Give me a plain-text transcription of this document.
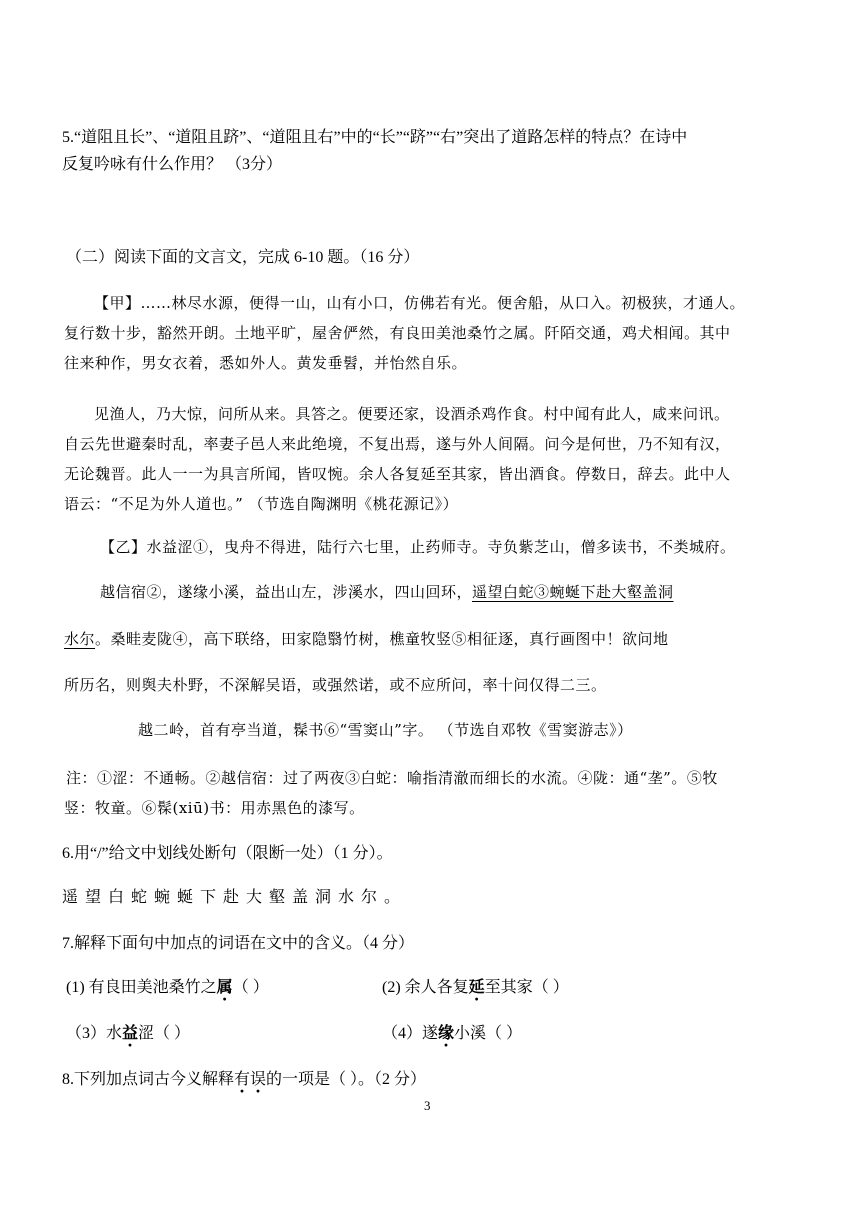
5.“道阻且长”、“道阻且跻”、“道阻且右”中的“长”“跻”“右”突出了道路怎样的特点？在诗中
反复吟咏有什么作用？ （3分）
（二）阅读下面的文言文，完成 6-10 题。（16 分）
【甲】……林尽水源，便得一山，山有小口，仿佛若有光。便舍船，从口入。初极狭，才通人。
复行数十步，豁然开朗。土地平旷，屋舍俨然，有良田美池桑竹之属。阡陌交通，鸡犬相闻。其中
往来种作，男女衣着，悉如外人。黄发垂髫，并怡然自乐。
见渔人，乃大惊，问所从来。具答之。便要还家，设酒杀鸡作食。村中闻有此人，咸来问讯。
自云先世避秦时乱，率妻子邑人来此绝境，不复出焉，遂与外人间隔。问今是何世，乃不知有汉，
无论魏晋。此人一一为具言所闻，皆叹惋。余人各复延至其家，皆出酒食。停数日，辞去。此中人
语云：“不足为外人道也。” （节选自陶渊明《桃花源记》）
【乙】水益涩①，曳舟不得进，陆行六七里，止药师寺。寺负紫芝山，僧多读书，不类城府。
越信宿②，遂缘小溪，益出山左，涉溪水，四山回环，遥望白蛇③蜿蜒下赴大壑盖洞
水尔。桑畦麦陇④，高下联络，田家隐翳竹树，樵童牧竖⑤相征逐，真行画图中！欲问地
所历名，则舆夫朴野，不深解吴语，或强然诺，或不应所问，率十问仅得二三。
越二岭，首有亭当道，髹书⑥“雪窦山”字。 （节选自邓牧《雪窦游志》）
注：①涩：不通畅。②越信宿：过了两夜③白蛇：喻指清澈而细长的水流。④陇：通“垄”。⑤牧
竖：牧童。⑥髹(xiū)书：用赤黑色的漆写。
6.用“/”给文中划线处断句（限断一处）（1 分）。
遥望白蛇蜿蜒下赴大壑盖洞水尔。
7.解释下面句中加点的词语在文中的含义。（4 分）
(1) 有良田美池桑竹之属（ ）	(2) 余人各复延至其家（ ）
（3）水益涩（ ）	（4）遂缘小溪（ ）
8.下列加点词古今义解释有误的一项是（ ）。（2 分）
3
